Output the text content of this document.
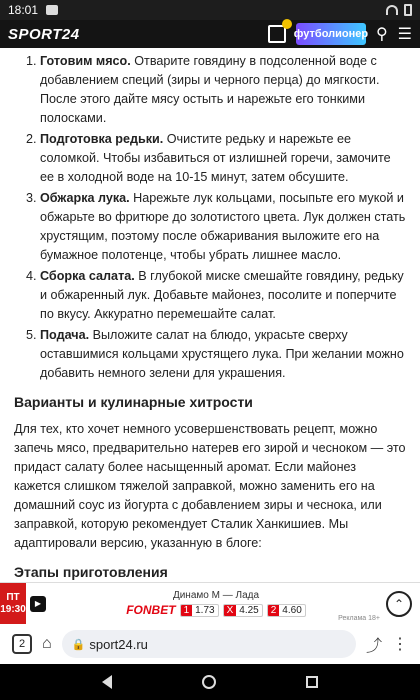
18:01
SPORT24	футболионер ⚲ ☰
1. Готовим мясо. Отварите говядину в подсоленной воде с добавлением специй (зиры и черного перца) до мягкости. После этого дайте мясу остыть и нарежьте его тонкими полосками.
2. Подготовка редьки. Очистите редьку и нарежьте ее соломкой. Чтобы избавиться от излишней горечи, замочите ее в холодной воде на 10-15 минут, затем обсушите.
3. Обжарка лука. Нарежьте лук кольцами, посыпьте его мукой и обжарьте во фритюре до золотистого цвета. Лук должен стать хрустящим, поэтому после обжаривания выложите его на бумажное полотенце, чтобы убрать лишнее масло.
4. Сборка салата. В глубокой миске смешайте говядину, редьку и обжаренный лук. Добавьте майонез, посолите и поперчите по вкусу. Аккуратно перемешайте салат.
5. Подача. Выложите салат на блюдо, украсьте сверху оставшимися кольцами хрустящего лука. При желании можно добавить немного зелени для украшения.
Варианты и кулинарные хитрости

Для тех, кто хочет немного усовершенствовать рецепт, можно запечь мясо, предварительно натерев его зирой и чесноком — это придаст салату более насыщенный аромат. Если майонез кажется слишком тяжелой заправкой, можно заменить его на домашний соус из йогурта с добавлением зиры и чеснока, или заправкой, которую рекомендует Сталик Ханкишиев. Мы адаптировали версию, указанную в блоге:

Этапы приготовления
ПТ
19:30	▶
Динамо М — Лада
FONBET 1 1.73	X 4.25	2 4.60
Реклама 18+
⌃
2	⌂ 🔒 sport24.ru	⤴ ⋮
